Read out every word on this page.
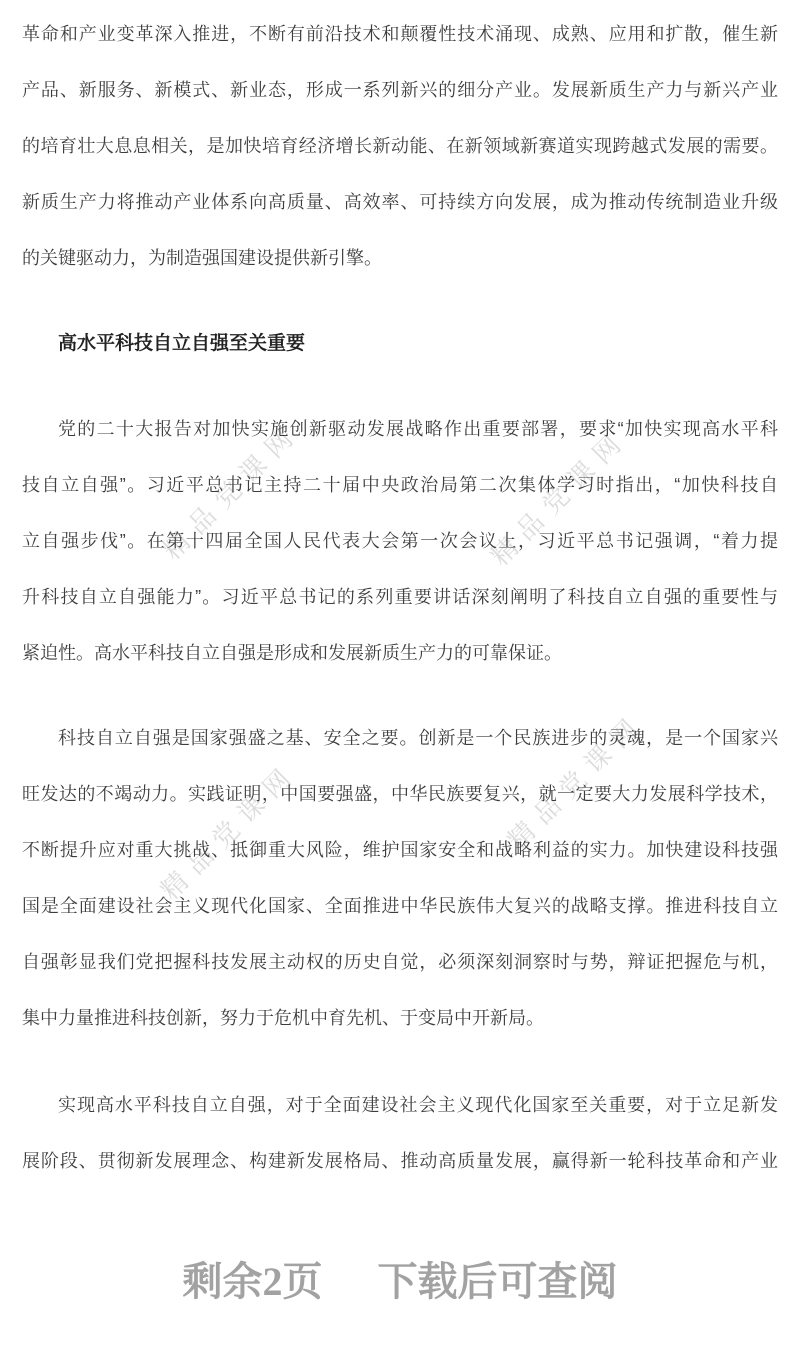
精品党课网	精品党课网
精品党课网	精品党课网
革命和产业变革深入推进，不断有前沿技术和颠覆性技术涌现、成熟、应用和扩散，催生新
产品、新服务、新模式、新业态，形成一系列新兴的细分产业。发展新质生产力与新兴产业
的培育壮大息息相关，是加快培育经济增长新动能、在新领域新赛道实现跨越式发展的需要。
新质生产力将推动产业体系向高质量、高效率、可持续方向发展，成为推动传统制造业升级
的关键驱动力，为制造强国建设提供新引擎。
高水平科技自立自强至关重要
党的二十大报告对加快实施创新驱动发展战略作出重要部署，要求“加快实现高水平科
技自立自强”。习近平总书记主持二十届中央政治局第二次集体学习时指出，“加快科技自
立自强步伐”。在第十四届全国人民代表大会第一次会议上，习近平总书记强调，“着力提
升科技自立自强能力”。习近平总书记的系列重要讲话深刻阐明了科技自立自强的重要性与
紧迫性。高水平科技自立自强是形成和发展新质生产力的可靠保证。
科技自立自强是国家强盛之基、安全之要。创新是一个民族进步的灵魂，是一个国家兴
旺发达的不竭动力。实践证明，中国要强盛，中华民族要复兴，就一定要大力发展科学技术，
不断提升应对重大挑战、抵御重大风险，维护国家安全和战略利益的实力。加快建设科技强
国是全面建设社会主义现代化国家、全面推进中华民族伟大复兴的战略支撑。推进科技自立
自强彰显我们党把握科技发展主动权的历史自觉，必须深刻洞察时与势，辩证把握危与机，
集中力量推进科技创新，努力于危机中育先机、于变局中开新局。
实现高水平科技自立自强，对于全面建设社会主义现代化国家至关重要，对于立足新发
展阶段、贯彻新发展理念、构建新发展格局、推动高质量发展，赢得新一轮科技革命和产业
剩余2页 下载后可查阅
